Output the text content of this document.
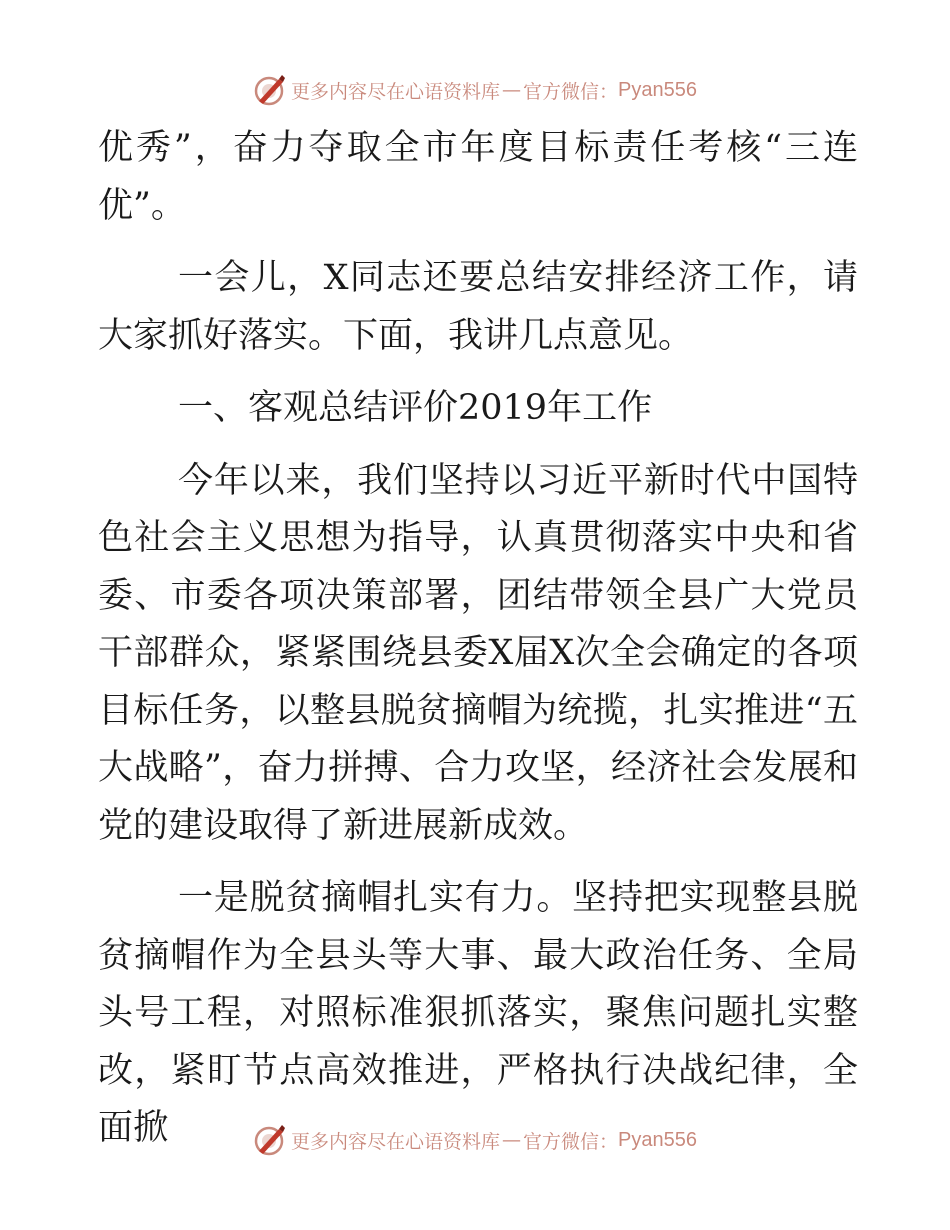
更多内容尽在心语资料库 — 官方微信： Pyan556

优秀”，奋力夺取全市年度目标责任考核“三连优”。

一会儿，X同志还要总结安排经济工作，请大家抓好落实。下面，我讲几点意见。

一、客观总结评价2019年工作

今年以来，我们坚持以习近平新时代中国特色社会主义思想为指导，认真贯彻落实中央和省委、市委各项决策部署，团结带领全县广大党员干部群众，紧紧围绕县委X届X次全会确定的各项目标任务，以整县脱贫摘帽为统揽，扎实推进“五大战略”，奋力拼搏、合力攻坚，经济社会发展和党的建设取得了新进展新成效。

一是脱贫摘帽扎实有力。坚持把实现整县脱贫摘帽作为全县头等大事、最大政治任务、全局头号工程，对照标准狠抓落实，聚焦问题扎实整改，紧盯节点高效推进，严格执行决战纪律，全面掀	更多内容尽在心语资料库 — 官方微信： Pyan556
